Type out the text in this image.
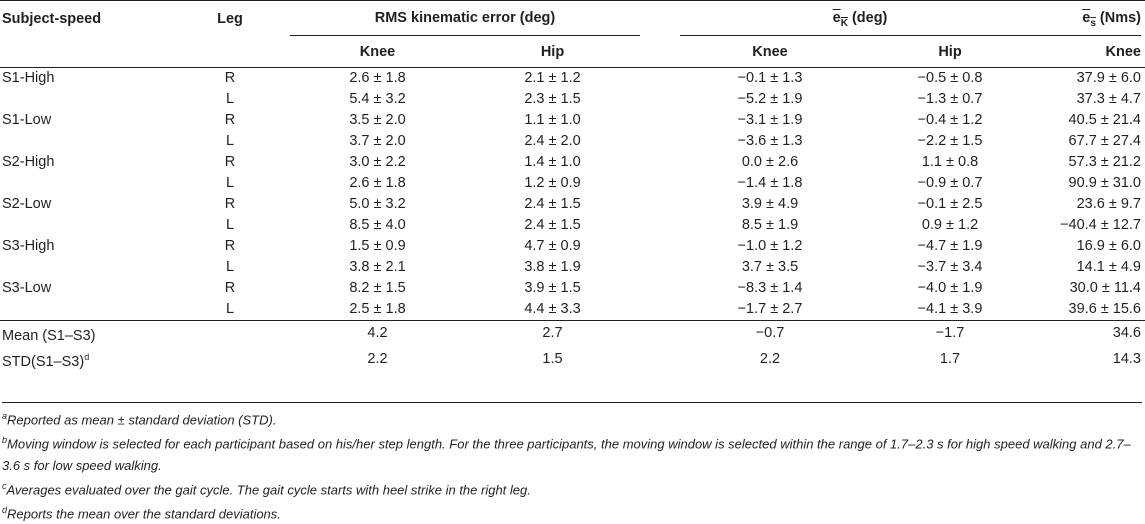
Subject-speed	Leg	RMS kinematic error (deg)			$e_K$ (deg)		$e_s$ (Nms)

		Knee	Hip		Knee	Hip	Knee
S1-High	R	2.6 ± 1.8	2.1 ± 1.2		−0.1 ± 1.3	−0.5 ± 0.8	37.9 ± 6.0
	L	5.4 ± 3.2	2.3 ± 1.5		−5.2 ± 1.9	−1.3 ± 0.7	37.3 ± 4.7
S1-Low	R	3.5 ± 2.0	1.1 ± 1.0		−3.1 ± 1.9	−0.4 ± 1.2	40.5 ± 21.4
	L	3.7 ± 2.0	2.4 ± 2.0		−3.6 ± 1.3	−2.2 ± 1.5	67.7 ± 27.4
S2-High	R	3.0 ± 2.2	1.4 ± 1.0		0.0 ± 2.6	1.1 ± 0.8	57.3 ± 21.2
	L	2.6 ± 1.8	1.2 ± 0.9		−1.4 ± 1.8	−0.9 ± 0.7	90.9 ± 31.0
S2-Low	R	5.0 ± 3.2	2.4 ± 1.5		3.9 ± 4.9	−0.1 ± 2.5	23.6 ± 9.7
	L	8.5 ± 4.0	2.4 ± 1.5		8.5 ± 1.9	0.9 ± 1.2	−40.4 ± 12.7
S3-High	R	1.5 ± 0.9	4.7 ± 0.9		−1.0 ± 1.2	−4.7 ± 1.9	16.9 ± 6.0
	L	3.8 ± 2.1	3.8 ± 1.9		3.7 ± 3.5	−3.7 ± 3.4	14.1 ± 4.9
S3-Low	R	8.2 ± 1.5	3.9 ± 1.5		−8.3 ± 1.4	−4.0 ± 1.9	30.0 ± 11.4
	L	2.5 ± 1.8	4.4 ± 3.3		−1.7 ± 2.7	−4.1 ± 3.9	39.6 ± 15.6
Mean (S1–S3)		4.2	2.7		−0.7	−1.7	34.6
$STD(S1-S3)^d$		2.2	1.5		2.2	1.7	14.3
$^a$Reported as mean ± standard deviation (STD).
$^b$Moving window is selected for each participant based on his/her step length. For the three participants, the moving window is selected within the range of 1.7–2.3 s for high speed walking and 2.7–3.6 s for low speed walking.
$^c$Averages evaluated over the gait cycle. The gait cycle starts with heel strike in the right leg.
$^d$Reports the mean over the standard deviations.
